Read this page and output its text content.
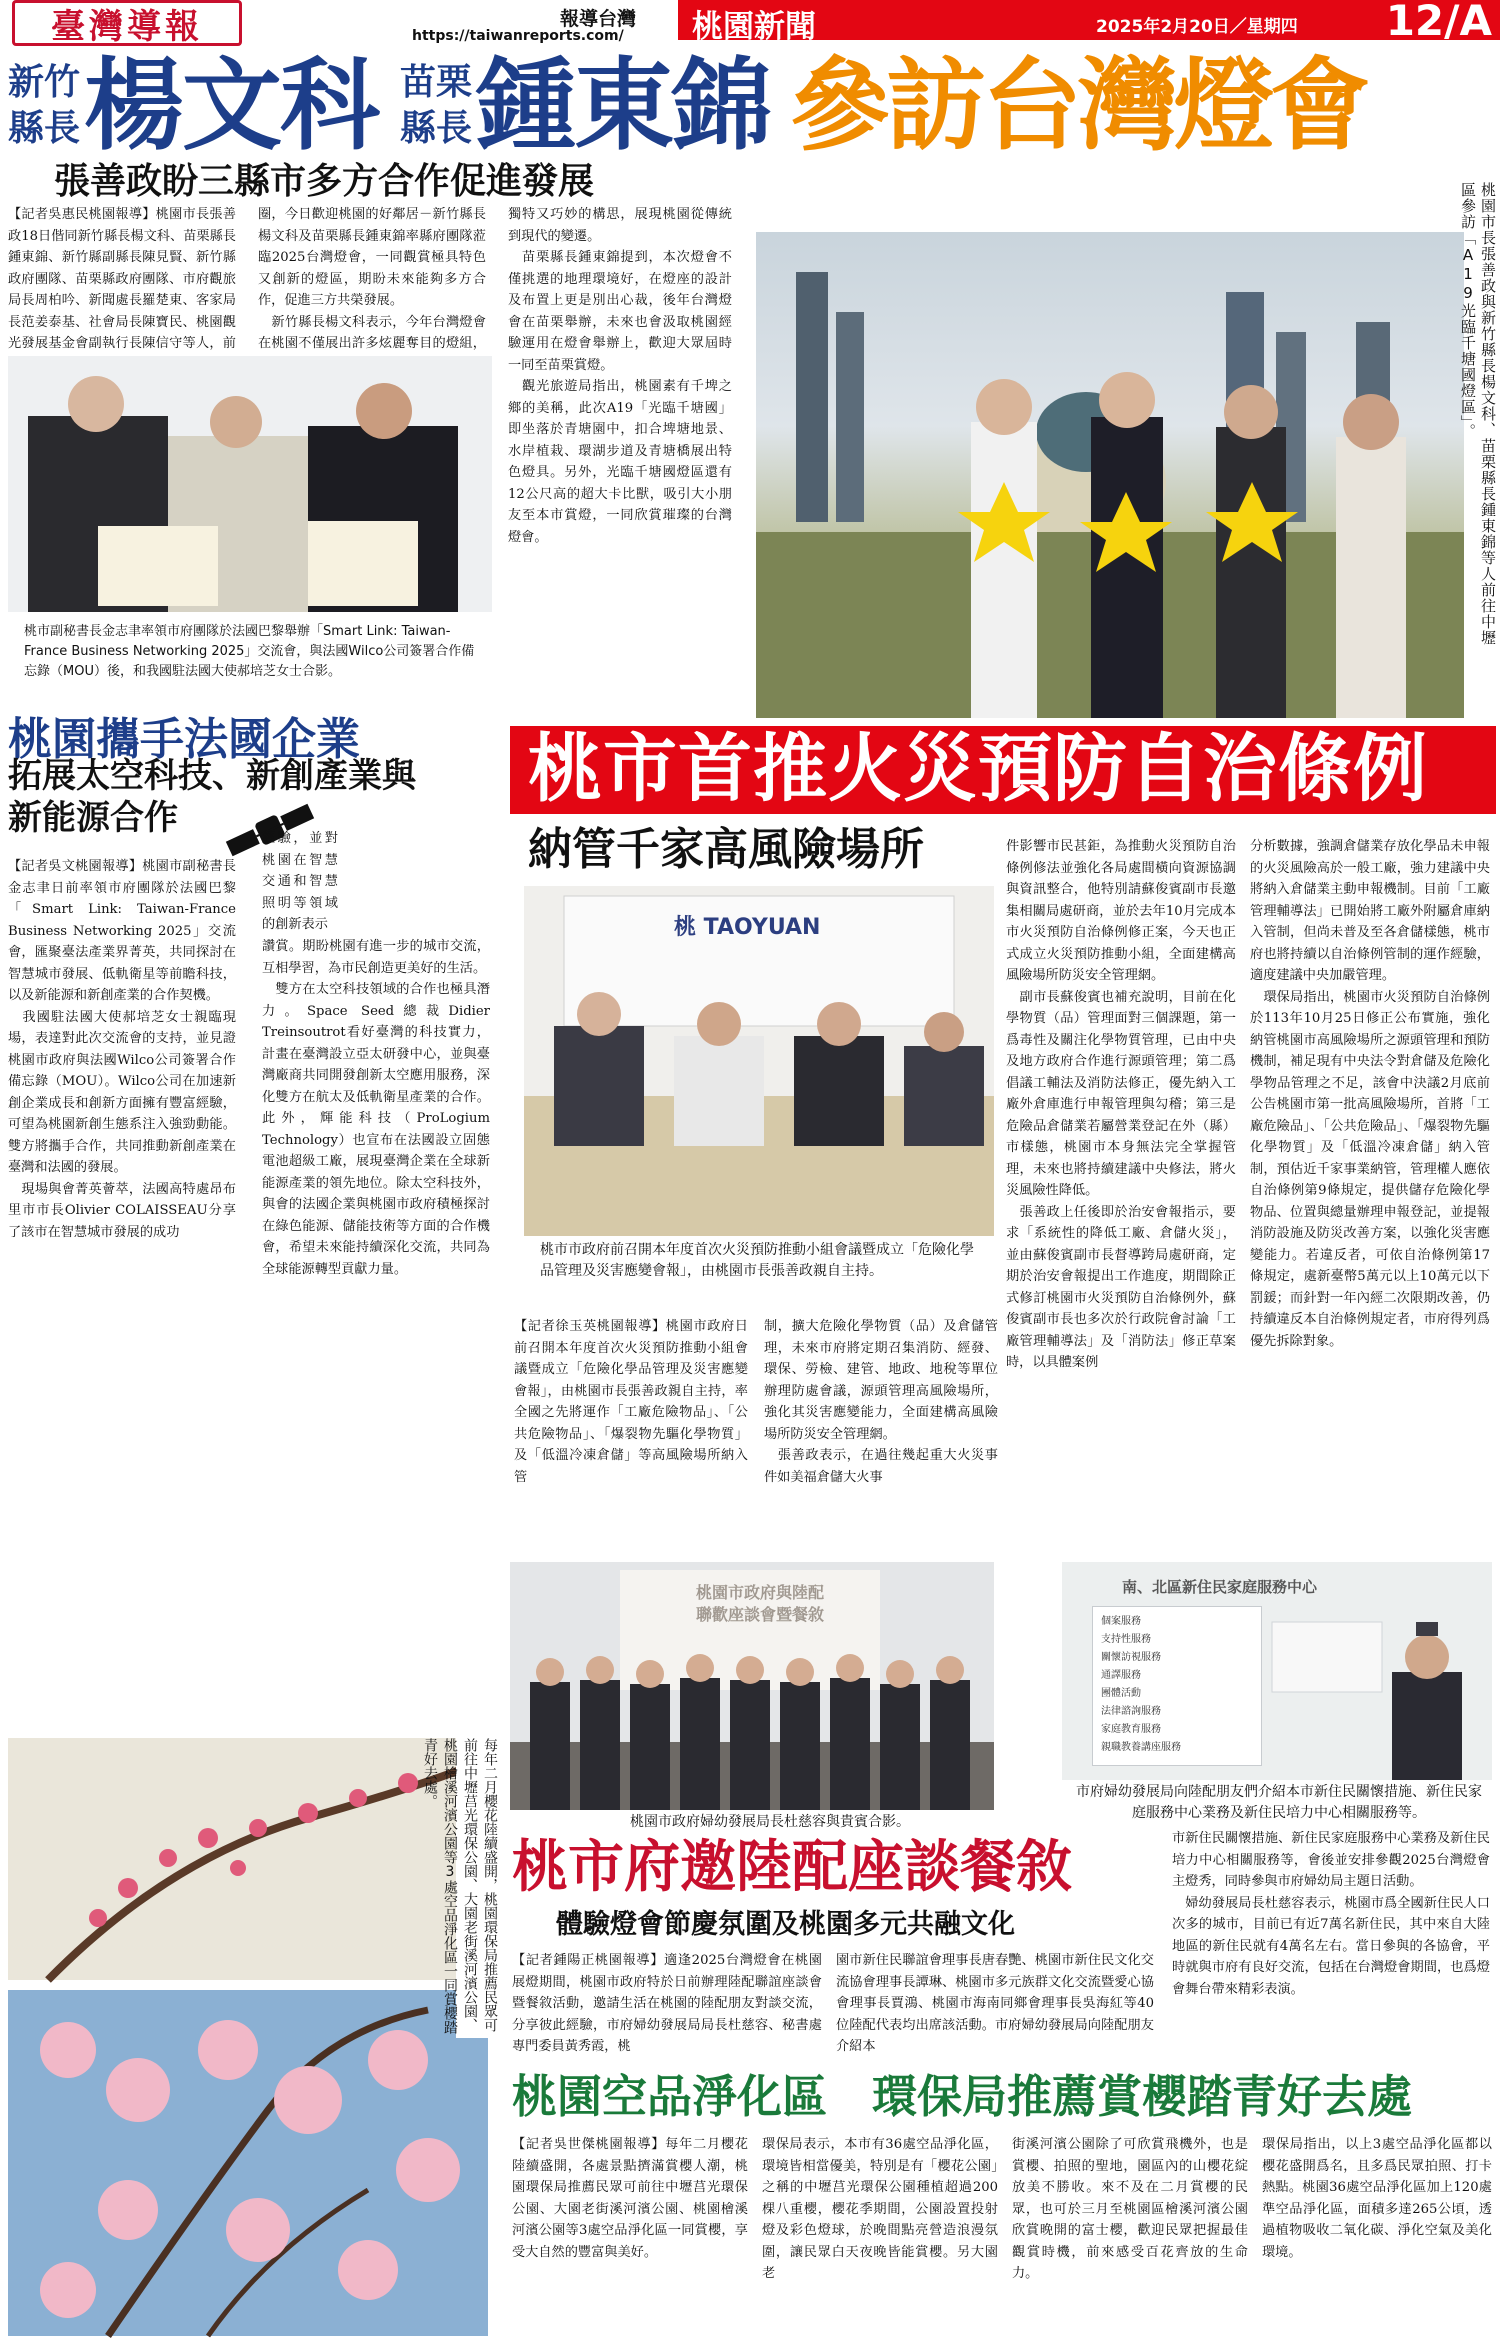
臺灣導報	報導台灣
https://taiwanreports.com/ 桃園新聞	2025年2月20日／星期四 12/A
新竹
縣長 楊文科 苗栗
縣長 鍾東錦 參訪台灣燈會
張善政盼三縣市多方合作促進發展
【記者吳惠民桃園報導】桃園市長張善政18日偕同新竹縣長楊文科、苗栗縣長鍾東錦、新竹縣副縣長陳見賢、新竹縣政府團隊、苗栗縣政府團隊、市府觀旅局長周柏吟、新聞處長羅楚東、客家局長范姜泰基、社會局長陳寶民、桃園觀光發展基金會副執行長陳信守等人，前

圈，今日歡迎桃園的好鄰居－新竹縣長楊文科及苗栗縣長鍾東錦率縣府團隊蒞臨2025台灣燈會，一同觀賞極具特色又創新的燈區，期盼未來能夠多方合作，促進三方共榮發展。
　新竹縣長楊文科表示，今年台灣燈會在桃園不僅展出許多炫麗奪目的燈組，
獨特又巧妙的構思，展現桃園從傳統到現代的變遷。
　苗栗縣長鍾東錦提到，本次燈會不僅挑選的地理環境好，在燈座的設計及布置上更是別出心裁，後年台灣燈會在苗栗舉辦，未來也會汲取桃園經驗運用在燈會舉辦上，歡迎大眾屆時一同至苗栗賞燈。
　觀光旅遊局指出，桃園素有千埤之鄉的美稱，此次A19「光臨千塘國」即坐落於青塘園中，扣合埤塘地景、水岸植栽、環湖步道及青塘橋展出特色燈具。另外，光臨千塘國燈區還有12公尺高的超大卡比獸，吸引大小朋友至本市賞燈，一同欣賞璀璨的台灣燈會。	桃園市長張善政與新竹縣長楊文科、苗栗縣長鍾東錦等人前往中壢區參訪「A19光臨千塘國燈區」。
桃市副秘書長金志聿率領市府團隊於法國巴黎舉辦「Smart Link: Taiwan-France Business Networking 2025」交流會，與法國Wilco公司簽署合作備忘錄（MOU）後，和我國駐法國大使郝培芝女士合影。
桃園攜手法國企業
拓展太空科技、新創產業與
新能源合作
經驗，並對桃園在智慧交通和智慧照明等領域的創新表示
【記者吳文桃園報導】桃園市副秘書長金志聿日前率領市府團隊於法國巴黎「Smart Link: Taiwan-France Business Networking 2025」交流會，匯聚臺法產業界菁英，共同探討在智慧城市發展、低軌衛星等前瞻科技，以及新能源和新創產業的合作契機。
　我國駐法國大使郝培芝女士親臨現場，表達對此次交流會的支持，並見證桃園市政府與法國Wilco公司簽署合作備忘錄（MOU）。Wilco公司在加速新創企業成長和創新方面擁有豐富經驗，可望為桃園新創生態系注入強勁動能。雙方將攜手合作，共同推動新創產業在臺灣和法國的發展。
　現場與會菁英薈萃，法國高特處昂布里市市長Olivier COLAISSEAU分享了該市在智慧城市發展的成功
讚賞。期盼桃園有進一步的城市交流，互相學習，為市民創造更美好的生活。
　雙方在太空科技領域的合作也極具潛力。Space Seed總裁Didier Treinsoutrot看好臺灣的科技實力，計畫在臺灣設立亞太研發中心，並與臺灣廠商共同開發創新太空應用服務，深化雙方在航太及低軌衛星產業的合作。此外，輝能科技（ProLogium Technology）也宣布在法國設立固態電池超級工廠，展現臺灣企業在全球新能源產業的領先地位。除太空科技外，與會的法國企業與桃園市政府積極探討在綠色能源、儲能技術等方面的合作機會，希望未來能持續深化交流，共同為全球能源轉型貢獻力量。
桃市首推火災預防自治條例
納管千家高風險場所
桃 TAOYUAN
桃市市政府前召開本年度首次火災預防推動小組會議暨成立「危險化學品管理及災害應變會報」，由桃園市長張善政親自主持。
【記者徐玉英桃園報導】桃園市政府日前召開本年度首次火災預防推動小組會議暨成立「危險化學品管理及災害應變會報」，由桃園市長張善政親自主持，率全國之先將運作「工廠危險物品」、「公共危險物品」、「爆裂物先驅化學物質」及「低溫冷凍倉儲」等高風險場所納入管
制，擴大危險化學物質（品）及倉儲管理，未來市府將定期召集消防、經發、環保、勞檢、建管、地政、地稅等單位辦理防處會議，源頭管理高風險場所，強化其災害應變能力，全面建構高風險場所防災安全管理網。
　張善政表示，在過往幾起重大火災事件如美福倉儲大火事
件影響市民甚鉅，為推動火災預防自治條例修法並強化各局處間橫向資源協調與資訊整合，他特別請蘇俊賓副市長邀集相關局處研商，並於去年10月完成本市火災預防自治條例修正案，今天也正式成立火災預防推動小組，全面建構高風險場所防災安全管理網。
　副市長蘇俊賓也補充說明，目前在化學物質（品）管理面對三個課題，第一爲毒性及關注化學物質管理，已由中央及地方政府合作進行源頭管理；第二爲倡議工輔法及消防法修正，優先納入工廠外倉庫進行申報管理與勾稽；第三是危險品倉儲業若屬營業登記在外（縣）市樣態，桃園市本身無法完全掌握管理，未來也將持續建議中央修法，將火災風險性降低。
　張善政上任後即於治安會報指示，要求「系統性的降低工廠、倉儲火災」，並由蘇俊賓副市長督導跨局處研商，定期於治安會報提出工作進度，期間除正式修訂桃園市火災預防自治條例外，蘇俊賓副市長也多次於行政院會討論「工廠管理輔導法」及「消防法」修正草案時，以具體案例
分析數據，強調倉儲業存放化學品未申報的火災風險高於一般工廠，強力建議中央將納入倉儲業主動申報機制。目前「工廠管理輔導法」已開始將工廠外附屬倉庫納入管制，但尚未普及至各倉儲樣態，桃市府也將持續以自治條例管制的運作經驗，適度建議中央加嚴管理。
　環保局指出，桃園市火災預防自治條例於113年10月25日修正公布實施，強化納管桃園市高風險場所之源頭管理和預防機制，補足現有中央法令對倉儲及危險化學物品管理之不足，該會中決議2月底前公告桃園市第一批高風險場所，首將「工廠危險品」、「公共危險品」、「爆裂物先驅化學物質」及「低溫冷凍倉儲」納入管制，預估近千家事業納管，管理權人應依自治條例第9條規定，提供儲存危險化學物品、位置與總量辦理申報登記，並提報消防設施及防災改善方案，以強化災害應變能力。若違反者，可依自治條例第17條規定，處新臺幣5萬元以上10萬元以下罰鍰；而針對一年內經二次限期改善，仍持續違反本自治條例規定者，市府得列爲優先拆除對象。
桃園市政府與陸配
聯歡座談會暨餐敘
桃園市政府婦幼發展局長杜慈容與貴賓合影。
南、北區新住民家庭服務中心
個案服務
支持性服務
關懷訪視服務
通譯服務
團體活動
法律諮詢服務
家庭教育服務
親職教養講座服務
市府婦幼發展局向陸配朋友們介紹本市新住民關懷措施、新住民家庭服務中心業務及新住民培力中心相關服務等。
桃市府邀陸配座談餐敘
體驗燈會節慶氛圍及桃園多元共融文化
【記者鍾陽正桃園報導】適逢2025台灣燈會在桃園展燈期間，桃園市政府特於日前辦理陸配聯誼座談會暨餐敘活動，邀請生活在桃園的陸配朋友對談交流，分享彼此經驗，市府婦幼發展局局長杜慈容、秘書處專門委員黃秀霞，桃
園市新住民聯誼會理事長唐春艷、桃園市新住民文化交流協會理事長譚琳、桃園市多元族群文化交流暨愛心協會理事長賈鴻、桃園市海南同鄉會理事長吳海紅等40位陸配代表均出席該活動。市府婦幼發展局向陸配朋友介紹本
市新住民關懷措施、新住民家庭服務中心業務及新住民培力中心相關服務等，會後並安排參觀2025台灣燈會主燈秀，同時參與市府婦幼局主題日活動。
　婦幼發展局長杜慈容表示，桃園市爲全國新住民人口次多的城市，目前已有近7萬名新住民，其中來自大陸地區的新住民就有4萬名左右。當日參與的各協會，平時就與市府有良好交流，包括在台灣燈會期間，也爲燈會舞台帶來精彩表演。
每年二月櫻花陸續盛開，桃園環保局推薦民眾可前往中壢莒光環保公園、大園老街溪河濱公園、桃園檜溪河濱公園等3處空品淨化區一同賞櫻踏青好去處。
桃園空品淨化區　環保局推薦賞櫻踏青好去處
【記者吳世傑桃園報導】每年二月櫻花陸續盛開，各處景點擠滿賞櫻人潮，桃園環保局推薦民眾可前往中壢莒光環保公園、大園老街溪河濱公園、桃園檜溪河濱公園等3處空品淨化區一同賞櫻，享受大自然的豐富與美好。
環保局表示，本市有36處空品淨化區，環境皆相當優美，特別是有「櫻花公園」之稱的中壢莒光環保公園種植超過200棵八重櫻，櫻花季期間，公園設置投射燈及彩色燈球，於晚間點亮營造浪漫氛圍，讓民眾白天夜晚皆能賞櫻。另大園老
街溪河濱公園除了可欣賞飛機外，也是賞櫻、拍照的聖地，園區內的山櫻花綻放美不勝收。來不及在二月賞櫻的民眾，也可於三月至桃園區檜溪河濱公園欣賞晚開的富士櫻，歡迎民眾把握最佳觀賞時機，前來感受百花齊放的生命力。
環保局指出，以上3處空品淨化區都以櫻花盛開爲名，且多爲民眾拍照、打卡熱點。桃園36處空品淨化區加上120處準空品淨化區，面積多達265公頃，透過植物吸收二氧化碳、淨化空氣及美化環境。
